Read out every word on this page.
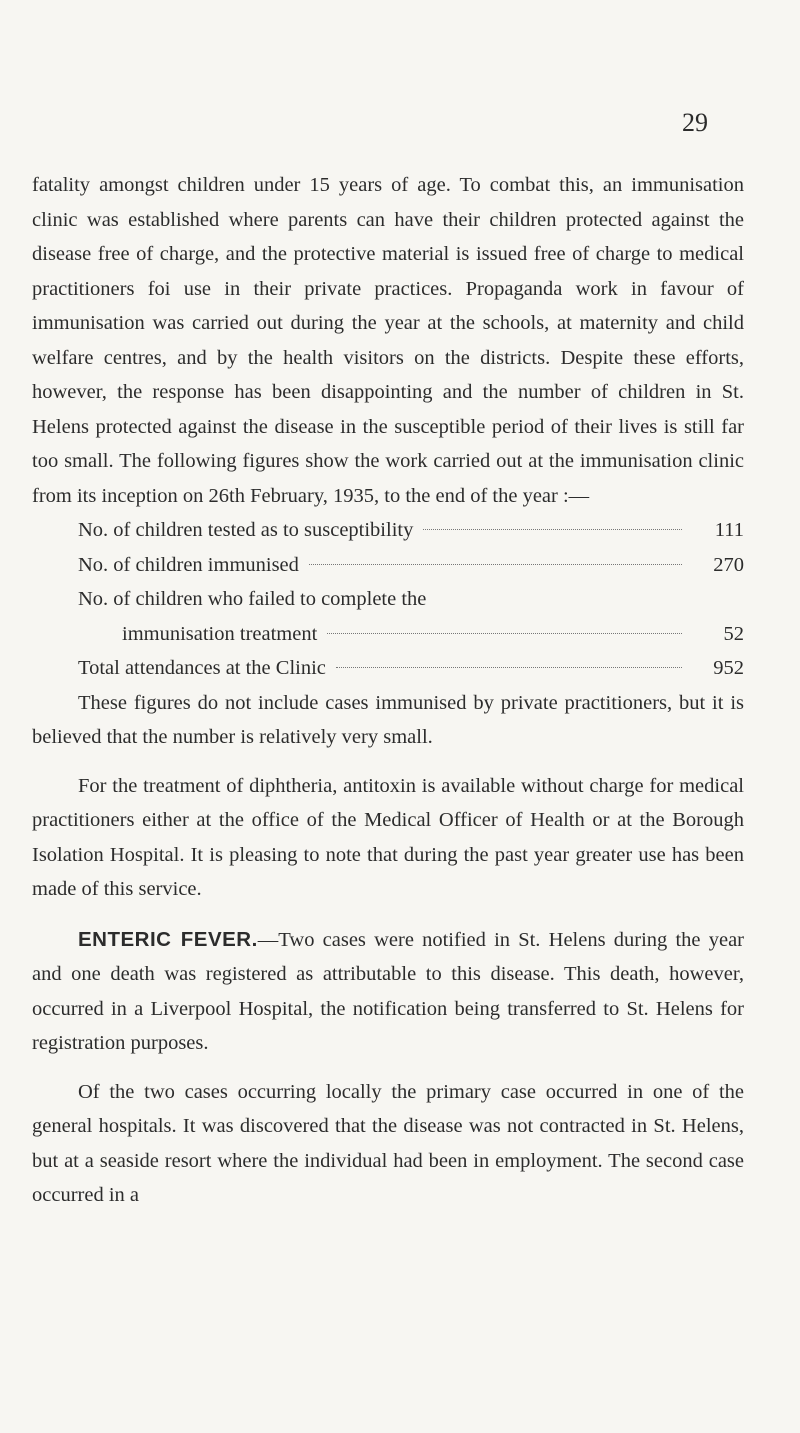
29

fatality amongst children under 15 years of age. To combat this, an immunisation clinic was established where parents can have their children protected against the disease free of charge, and the protective material is issued free of charge to medical practitioners foi use in their private practices. Propaganda work in favour of immunisation was carried out during the year at the schools, at maternity and child welfare centres, and by the health visitors on the districts. Despite these efforts, however, the response has been disappointing and the number of children in St. Helens protected against the disease in the susceptible period of their lives is still far too small. The following figures show the work carried out at the immunisation clinic from its inception on 26th February, 1935, to the end of the year :—

No. of children tested as to susceptibility	111
No. of children immunised	270
No. of children who failed to complete the
immunisation treatment	52
Total attendances at the Clinic	952

These figures do not include cases immunised by private practitioners, but it is believed that the number is relatively very small.

For the treatment of diphtheria, antitoxin is available without charge for medical practitioners either at the office of the Medical Officer of Health or at the Borough Isolation Hospital. It is pleasing to note that during the past year greater use has been made of this service.

ENTERIC FEVER.—Two cases were notified in St. Helens during the year and one death was registered as attributable to this disease. This death, however, occurred in a Liverpool Hospital, the notification being transferred to St. Helens for registration purposes.

Of the two cases occurring locally the primary case occurred in one of the general hospitals. It was discovered that the disease was not contracted in St. Helens, but at a seaside resort where the individual had been in employment. The second case occurred in a
